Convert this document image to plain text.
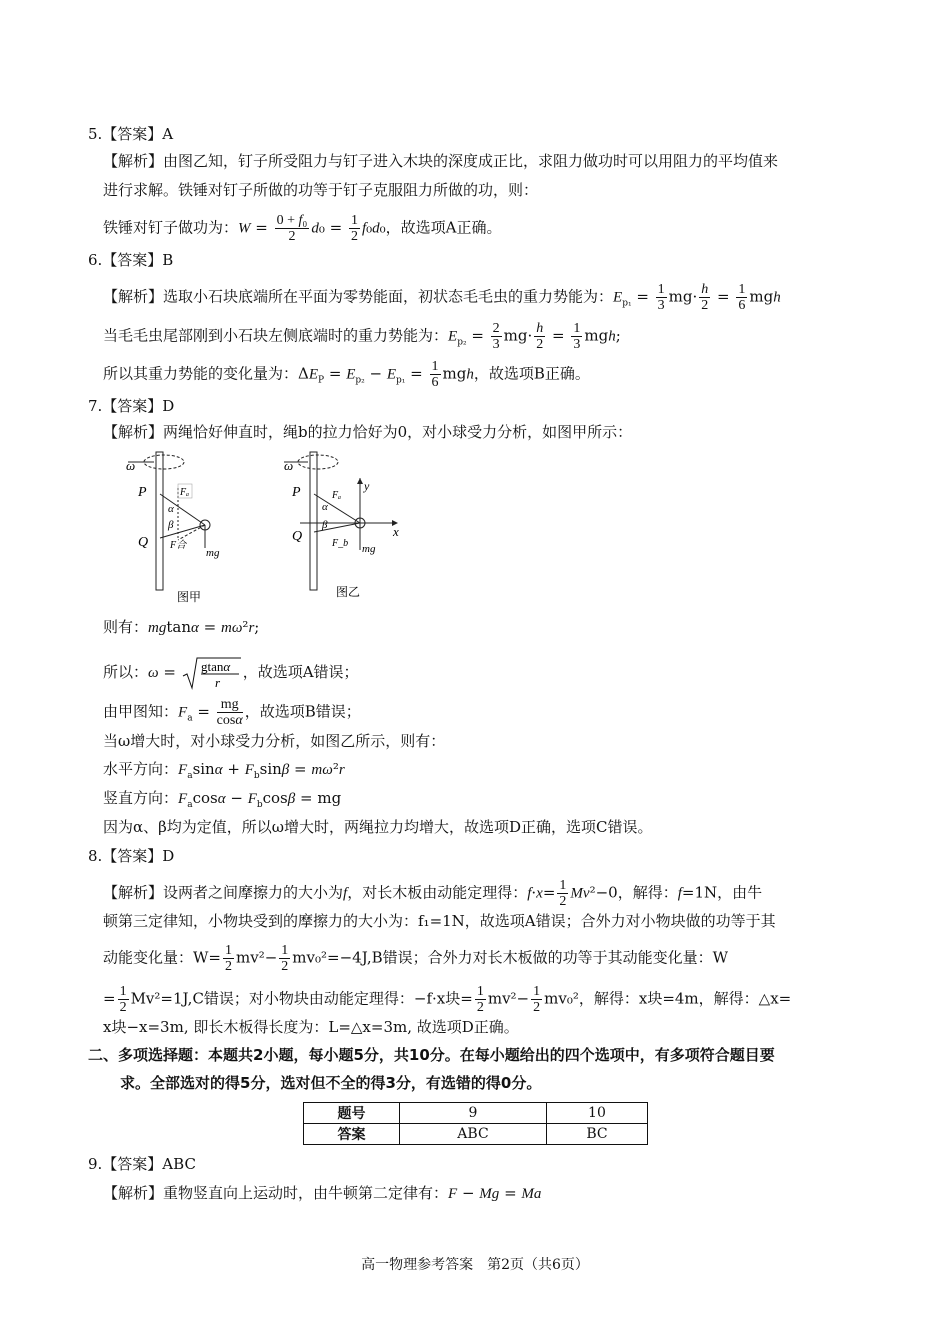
5.【答案】A
【解析】由图乙知，钉子所受阻力与钉子进入木块的深度成正比，求阻力做功时可以用阻力的平均值来
进行求解。铁锤对钉子所做的功等于钉子克服阻力所做的功，则：
铁锤对钉子做功为：$W = \frac{\text{0 + f₀}}{2} d_0 = \frac{1}{2} f_0d_0$，故选项A正确。
6.【答案】B
【解析】选取小石块底端所在平面为零势能面，初状态毛毛虫的重力势能为：$E_{p_1} = \frac{1}{3} mg\cdot \frac{h}{2} = \frac{1}{6}$ mgh
当毛毛虫尾部刚到小石块左侧底端时的重力势能为：$E_{p_2} = \frac{2}{3} mg\cdot \frac{h}{2} = \frac{1}{3}$ mgh;
所以其重力势能的变化量为：$\Delta E_P = E_{p_2} - E_{p_1} = \frac{1}{6}$ mgh，故选项B正确。
7.【答案】D
【解析】两绳恰好伸直时，绳b的拉力恰好为0，对小球受力分析，如图甲所示：
ω
P
Q
Fₐ
α
β
mg
F合
图甲
ω
P
Q	x
y
Fₐ
α
β
F_b mg
图乙
则有：mgtanα = mω²r;
所以：ω = gtanα
r
，故选项A错误；
由甲图知：$F_a = \frac{mg}{\cos\alpha}$ ，故选项B错误；
当ω增大时，对小球受力分析，如图乙所示，则有：
水平方向：$F_a\sin\alpha + F_b\sin\beta = m\omega^2r$
竖直方向：$F_a\cos\alpha - F_b\cos\beta$ = mg
因为α、β均为定值，所以ω增大时，两绳拉力均增大，故选项D正确，选项C错误。
8.【答案】D
【解析】设两者之间摩擦力的大小为f，对长木板由动能定理得：$f\cdot x= \frac{1}{2} Mv^2-0$，解得：f=1N，由牛
顿第三定律知，小物块受到的摩擦力的大小为：f₁=1N，故选项A错误；合外力对小物块做的功等于其
动能变化量：$W= \frac{1}{2} mv^2- \frac{1}{2} mv_0^2=-4J,B$错误；合外力对长木板做的功等于其动能变化量：W
= $\frac{1}{2} Mv^2=1J,C$错误；对小物块由动能定理得：−f·x块= $\frac{1}{2} mv^2- \frac{1}{2} mv_0^2$，解得：x块=4m，解得：△x=
x块−x=3m, 即长木板得长度为：L=△x=3m, 故选项D正确。
二、多项选择题：本题共2小题，每小题5分，共10分。在每小题给出的四个选项中，有多项符合题目要
求。全部选对的得5分，选对但不全的得3分，有选错的得0分。
题号	9	10
答案	ABC	BC
9.【答案】ABC
【解析】重物竖直向上运动时，由牛顿第二定律有：F − Mg = Ma
高一物理参考答案　第2页（共6页）
